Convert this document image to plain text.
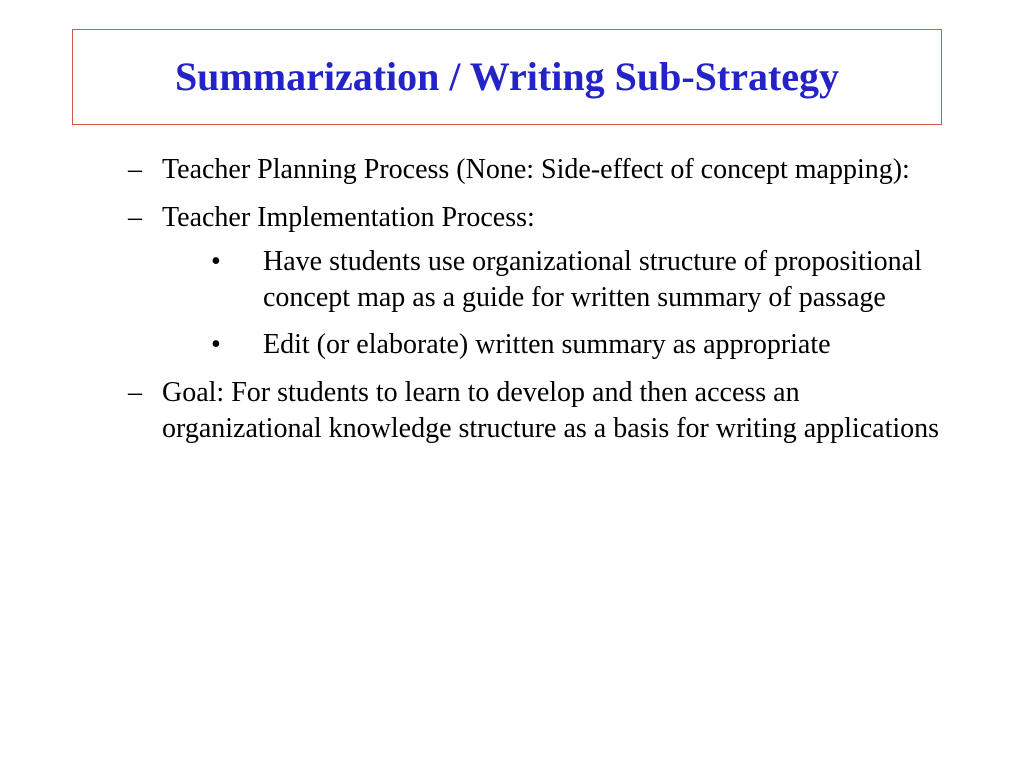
Summarization / Writing Sub-Strategy
– Teacher Planning Process (None: Side-effect of concept mapping):
– Teacher Implementation Process:
• Have students use organizational structure of propositional concept map as a guide for written summary of passage
• Edit (or elaborate) written summary as appropriate
– Goal: For students to learn to develop and then access an organizational knowledge structure as a basis for writing applications
